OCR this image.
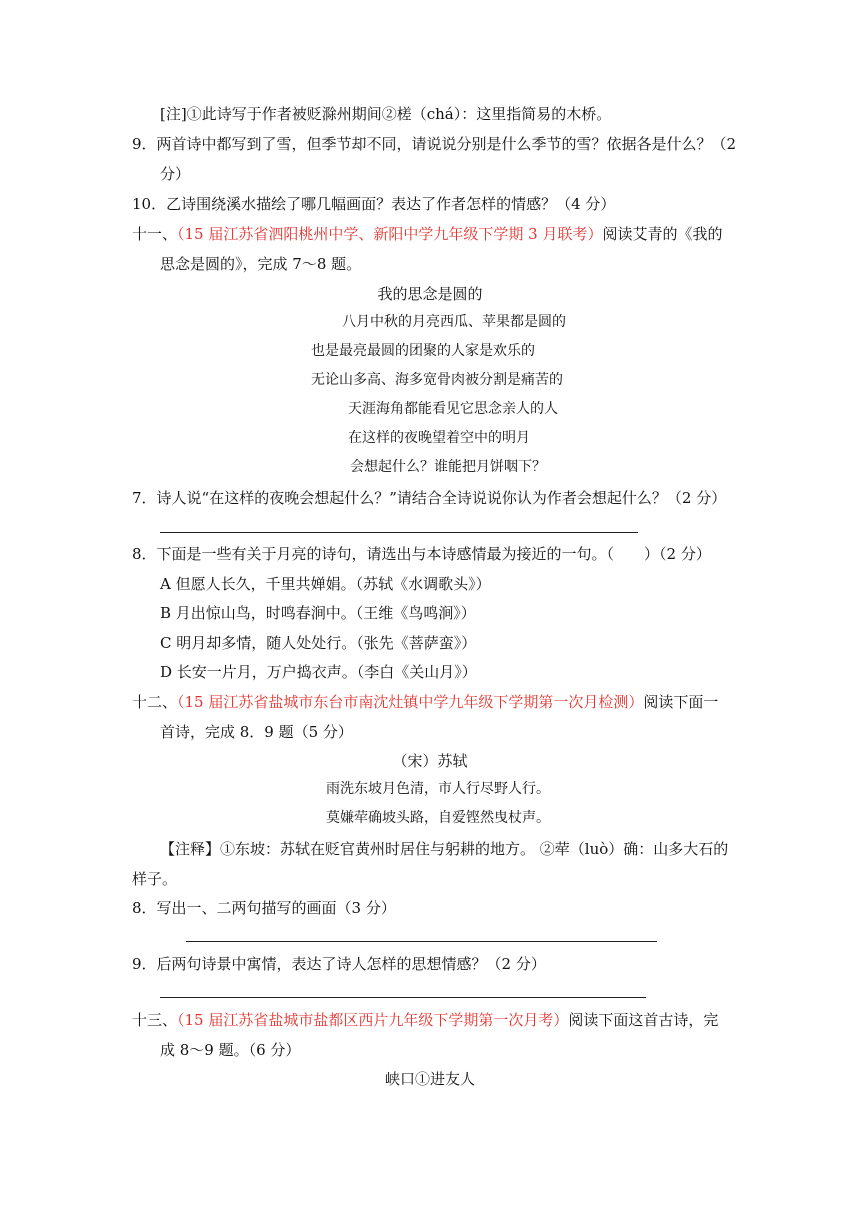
[注]①此诗写于作者被贬滁州期间②槎（chá）：这里指简易的木桥。
9．两首诗中都写到了雪，但季节却不同，请说说分别是什么季节的雪？依据各是什么？（2
分）
10．乙诗围绕溪水描绘了哪几幅画面？表达了作者怎样的情感？（4 分）
十一、（15 届江苏省泗阳桃州中学、新阳中学九年级下学期 3 月联考）阅读艾青的《我的
思念是圆的》，完成 7～8 题。
我的思念是圆的
八月中秋的月亮西瓜、苹果都是圆的
也是最亮最圆的团聚的人家是欢乐的
无论山多高、海多宽骨肉被分割是痛苦的
天涯海角都能看见它思念亲人的人
在这样的夜晚望着空中的明月
会想起什么？谁能把月饼咽下？
7．诗人说“在这样的夜晚会想起什么？”请结合全诗说说你认为作者会想起什么？（2 分）
8．下面是一些有关于月亮的诗句，请选出与本诗感情最为接近的一句。（　　）（2 分）
A 但愿人长久，千里共婵娟。（苏轼《水调歌头》）
B 月出惊山鸟，时鸣春涧中。（王维《鸟鸣涧》）
C 明月却多情，随人处处行。（张先《菩萨蛮》）
D 长安一片月，万户捣衣声。（李白《关山月》）
十二、（15 届江苏省盐城市东台市南沈灶镇中学九年级下学期第一次月检测）阅读下面一
首诗，完成 8．9 题（5 分）
（宋）苏轼
雨洗东坡月色清，市人行尽野人行。
莫嫌荦确坡头路，自爱铿然曳杖声。
【注释】①东坡：苏轼在贬官黄州时居住与躬耕的地方。 ②荦（luò）确：山多大石的
样子。
8．写出一、二两句描写的画面（3 分）
9．后两句诗景中寓情，表达了诗人怎样的思想情感？（2 分）
十三、（15 届江苏省盐城市盐都区西片九年级下学期第一次月考）阅读下面这首古诗，完
成 8～9 题。（6 分）
峡口①进友人
